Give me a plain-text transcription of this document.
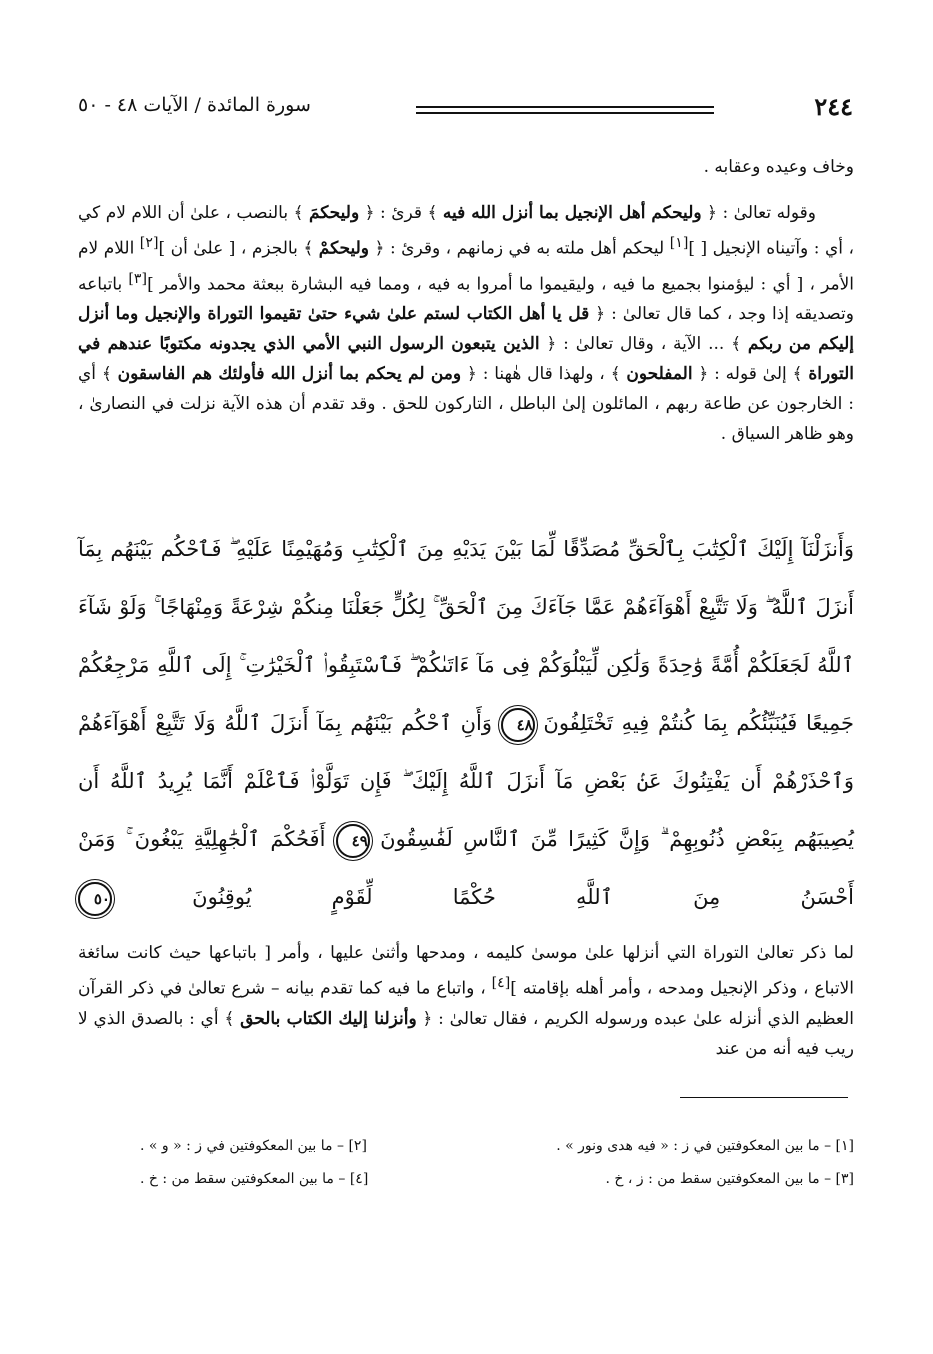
٢٤٤
سورة المائدة / الآيات ٤٨ - ٥٠

وخاف وعيده وعقابه .

وقوله تعالىٰ : ﴿ وليحكم أهل الإنجيل بما أنزل الله فيه ﴾ قرئ : ﴿ وليحكمَ ﴾ بالنصب ، علىٰ أن اللام لام كي ، أي : وآتيناه الإنجيل [ ][١] ليحكم أهل ملته به في زمانهم ، وقرئ : ﴿ وليحكمْ ﴾ بالجزم ، [ علىٰ أن ][٢] اللام لام الأمر ، [ أي : ليؤمنوا بجميع ما فيه ، وليقيموا ما أمروا به فيه ، ومما فيه البشارة ببعثة محمد والأمر ][٣] باتباعه وتصديقه إذا وجد ، كما قال تعالىٰ : ﴿ قل يا أهل الكتاب لستم علىٰ شيء حتىٰ تقيموا التوراة والإنجيل وما أنزل إليكم من ربكم ﴾ ... الآية ، وقال تعالىٰ : ﴿ الذين يتبعون الرسول النبي الأمي الذي يجدونه مكتوبًا عندهم في التوراة ﴾ إلىٰ قوله : ﴿ المفلحون ﴾ ، ولهذا قال هٰهنا : ﴿ ومن لم يحكم بما أنزل الله فأولئك هم الفاسقون ﴾ أي : الخارجون عن طاعة ربهم ، المائلون إلىٰ الباطل ، التاركون للحق . وقد تقدم أن هذه الآية نزلت في النصارىٰ ، وهو ظاهر السياق .

وَأَنزَلْنَآ إِلَيْكَ ٱلْكِتَٰبَ بِٱلْحَقِّ مُصَدِّقًا لِّمَا بَيْنَ يَدَيْهِ مِنَ ٱلْكِتَٰبِ وَمُهَيْمِنًا عَلَيْهِ ۖ فَٱحْكُم بَيْنَهُم بِمَآ أَنزَلَ ٱللَّهُ ۖ وَلَا تَتَّبِعْ أَهْوَآءَهُمْ عَمَّا جَآءَكَ مِنَ ٱلْحَقِّ ۚ لِكُلٍّ جَعَلْنَا مِنكُمْ شِرْعَةً وَمِنْهَاجًا ۚ وَلَوْ شَآءَ ٱللَّهُ لَجَعَلَكُمْ أُمَّةً وَٰحِدَةً وَلَٰكِن لِّيَبْلُوَكُمْ فِى مَآ ءَاتَىٰكُمْ ۖ فَٱسْتَبِقُوا۟ ٱلْخَيْرَٰتِ ۚ إِلَى ٱللَّهِ مَرْجِعُكُمْ جَمِيعًا فَيُنَبِّئُكُم بِمَا كُنتُمْ فِيهِ تَخْتَلِفُونَ ٤٨ وَأَنِ ٱحْكُم بَيْنَهُم بِمَآ أَنزَلَ ٱللَّهُ وَلَا تَتَّبِعْ أَهْوَآءَهُمْ وَٱحْذَرْهُمْ أَن يَفْتِنُوكَ عَنۢ بَعْضِ مَآ أَنزَلَ ٱللَّهُ إِلَيْكَ ۖ فَإِن تَوَلَّوْا۟ فَٱعْلَمْ أَنَّمَا يُرِيدُ ٱللَّهُ أَن يُصِيبَهُم بِبَعْضِ ذُنُوبِهِمْ ۗ وَإِنَّ كَثِيرًا مِّنَ ٱلنَّاسِ لَفَٰسِقُونَ ٤٩ أَفَحُكْمَ ٱلْجَٰهِلِيَّةِ يَبْغُونَ ۚ وَمَنْ أَحْسَنُ مِنَ ٱللَّهِ حُكْمًا لِّقَوْمٍ يُوقِنُونَ ٥٠

لما ذكر تعالىٰ التوراة التي أنزلها علىٰ موسىٰ كليمه ، ومدحها وأثنىٰ عليها ، وأمر [ باتباعها حيث كانت سائغة الاتباع ، وذكر الإنجيل ومدحه ، وأمر أهله بإقامته ][٤] ، واتباع ما فيه كما تقدم بيانه – شرع تعالىٰ في ذكر القرآن العظيم الذي أنزله علىٰ عبده ورسوله الكريم ، فقال تعالىٰ : ﴿ وأنزلنا إليك الكتاب بالحق ﴾ أي : بالصدق الذي لا ريب فيه أنه من عند

[١] – ما بين المعكوفتين في ز : « فيه هدى ونور » .
[٢] – ما بين المعكوفتين في ز : « و » .
[٣] – ما بين المعكوفتين سقط من : ز ، خ .
[٤] – ما بين المعكوفتين سقط من : خ .
